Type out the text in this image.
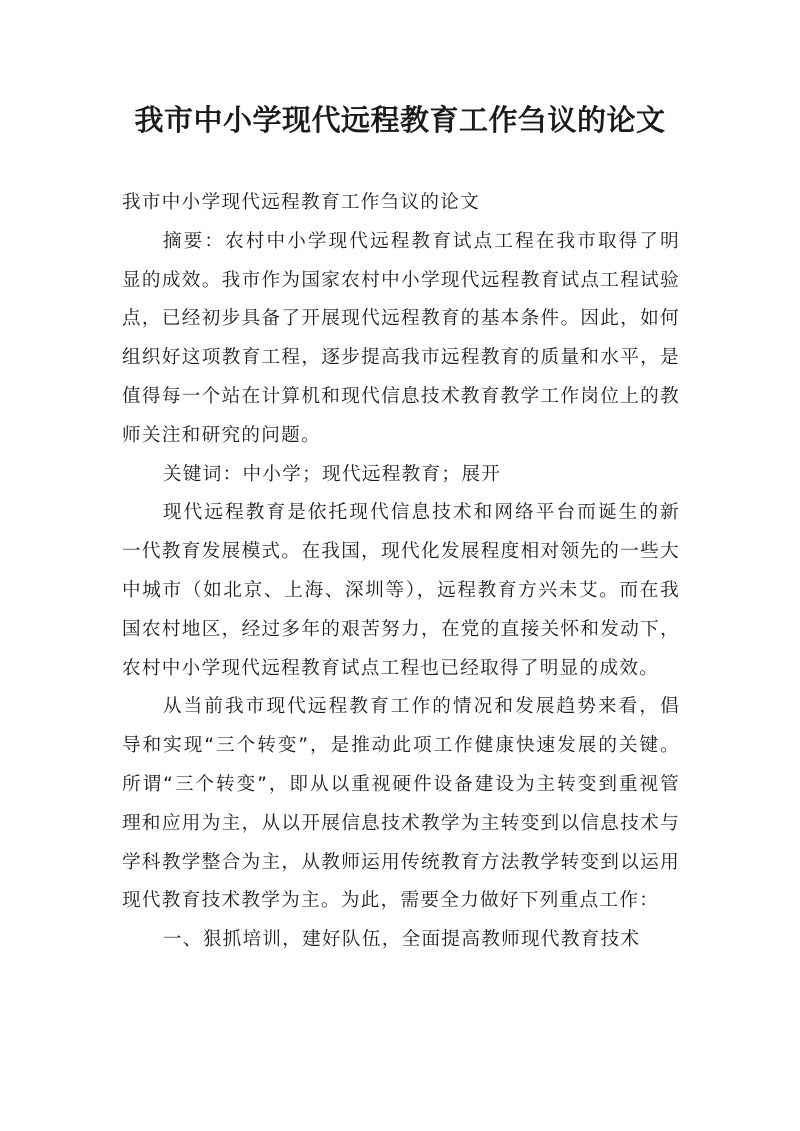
我市中小学现代远程教育工作刍议的论文

我市中小学现代远程教育工作刍议的论文

摘要：农村中小学现代远程教育试点工程在我市取得了明显的成效。我市作为国家农村中小学现代远程教育试点工程试验点，已经初步具备了开展现代远程教育的基本条件。因此，如何组织好这项教育工程，逐步提高我市远程教育的质量和水平，是值得每一个站在计算机和现代信息技术教育教学工作岗位上的教师关注和研究的问题。

关键词：中小学；现代远程教育；展开

现代远程教育是依托现代信息技术和网络平台而诞生的新一代教育发展模式。在我国，现代化发展程度相对领先的一些大中城市（如北京、上海、深圳等），远程教育方兴未艾。而在我国农村地区，经过多年的艰苦努力，在党的直接关怀和发动下，农村中小学现代远程教育试点工程也已经取得了明显的成效。

从当前我市现代远程教育工作的情况和发展趋势来看，倡导和实现“三个转变”，是推动此项工作健康快速发展的关键。所谓“三个转变”，即从以重视硬件设备建设为主转变到重视管理和应用为主，从以开展信息技术教学为主转变到以信息技术与学科教学整合为主，从教师运用传统教育方法教学转变到以运用现代教育技术教学为主。为此，需要全力做好下列重点工作：

一、狠抓培训，建好队伍，全面提高教师现代教育技术
